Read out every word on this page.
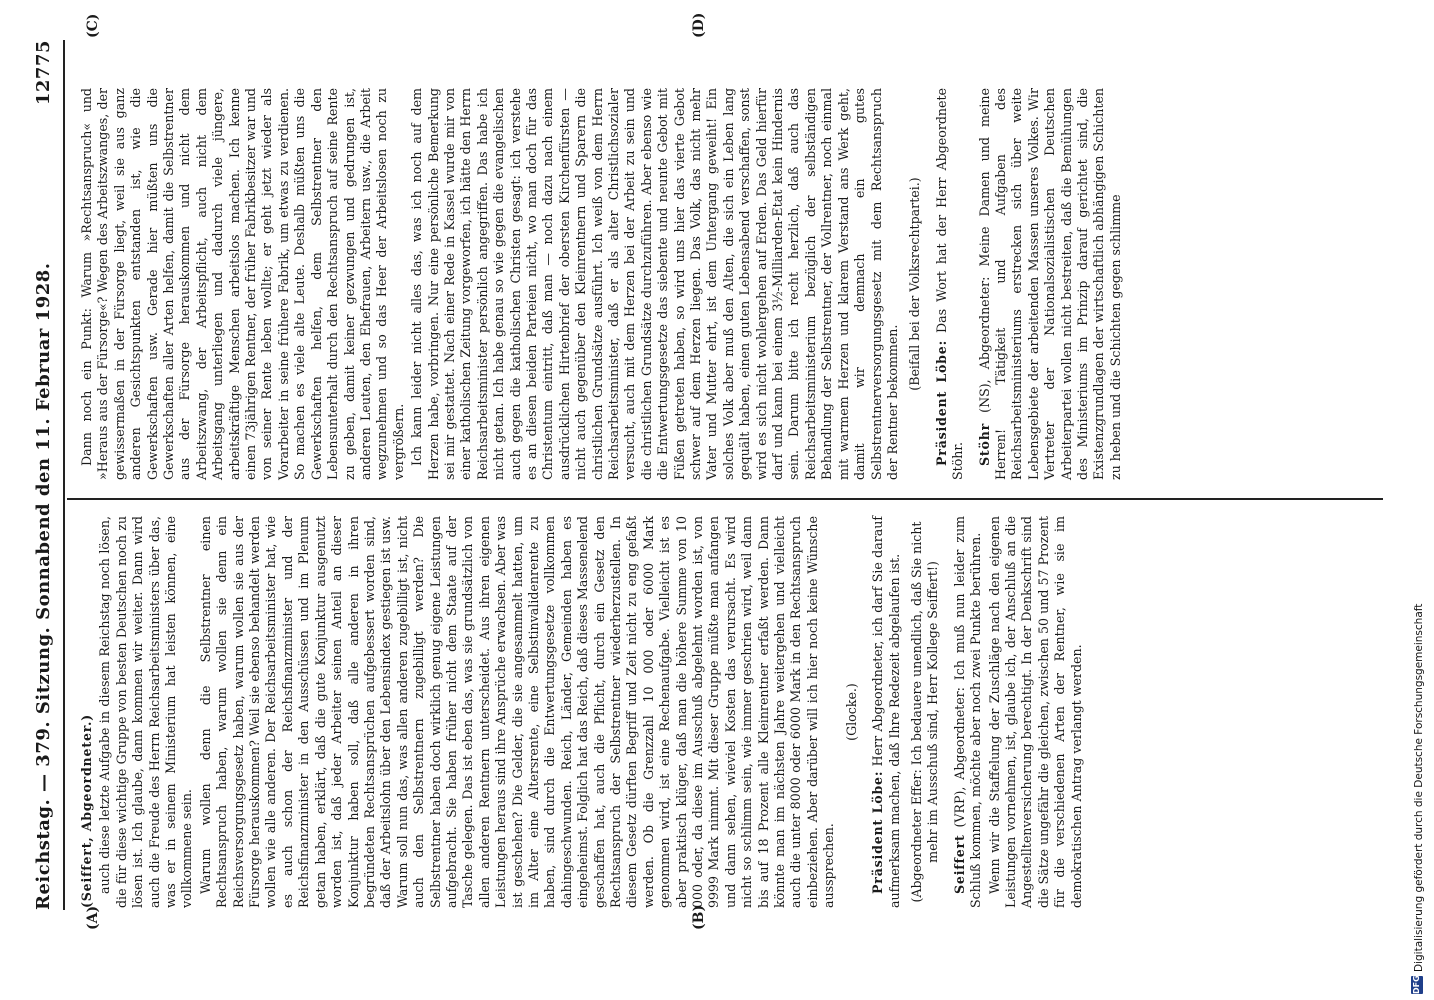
Reichstag. — 379. Sitzung. Sonnabend den 11. Februar 1928.
12775
(A)	(B)
(C)	(D)

(Seiffert, Abgeordneter.) auch diese letzte Aufgabe in diesem Reichstag noch lösen, die für diese wichtige Gruppe von besten Deutschen noch zu lösen ist. Ich glaube, dann kommen wir weiter. Dann wird auch die Freude des Herrn Reichsarbeitsministers über das, was er in seinem Ministerium hat leisten können, eine vollkommene sein. Warum wollen denn die Selbstrentner einen Rechtsanspruch haben, warum wollen sie denn ein Reichsversorgungsgesetz haben, warum wollen sie aus der Fürsorge herauskommen? Weil sie ebenso behandelt werden wollen wie alle anderen. Der Reichsarbeitsminister hat, wie es auch schon der Reichsfinanzminister und der Reichsfinanzminister in den Ausschüssen und im Plenum getan haben, erklärt, daß die gute Konjunktur ausgenutzt worden ist, daß jeder Arbeiter seinen Anteil an dieser Konjunktur haben soll, daß alle anderen in ihren begründeten Rechtsansprüchen aufgebessert worden sind, daß der Arbeitslohn über den Lebensindex gestiegen ist usw. Warum soll nun das, was allen anderen zugebilligt ist, nicht auch den Selbstrentnern zugebilligt werden? Die Selbstrentner haben doch wirklich genug eigene Leistungen aufgebracht. Sie haben früher nicht dem Staate auf der Tasche gelegen. Das ist eben das, was sie grundsätzlich von allen anderen Rentnern unterscheidet. Aus ihren eigenen Leistungen heraus sind ihre Ansprüche erwachsen. Aber was ist geschehen? Die Gelder, die sie angesammelt hatten, um im Alter eine Altersrente, eine Selbstinvalidenrente zu haben, sind durch die Entwertungsgesetze vollkommen dahingeschwunden. Reich, Länder, Gemeinden haben es eingeheimst. Folglich hat das Reich, daß dieses Massenelend geschaffen hat, auch die Pflicht, durch ein Gesetz den Rechtsanspruch der Selbstrentner wiederherzustellen. In diesem Gesetz dürften Begriff und Zeit nicht zu eng gefaßt werden. Ob die Grenzzahl 10 000 oder 6000 Mark genommen wird, ist eine Rechenaufgabe. Vielleicht ist es aber praktisch klüger, daß man die höhere Summe von 10 000 oder, da diese im Ausschuß abgelehnt worden ist, von 9999 Mark nimmt. Mit dieser Gruppe müßte man anfangen und dann sehen, wieviel Kosten das verursacht. Es wird nicht so schlimm sein, wie immer geschrien wird, weil dann bis auf 18 Prozent alle Kleinrentner erfaßt werden. Dann könnte man im nächsten Jahre weitergehen und vielleicht auch die unter 8000 oder 6000 Mark in den Rechtsanspruch einbeziehen. Aber darüber will ich hier noch keine Wünsche aussprechen.

(Glocke.)

Präsident Löbe: Herr Abgeordneter, ich darf Sie darauf aufmerksam machen, daß Ihre Redezeit abgelaufen ist. (Abgeordneter Effer: Ich bedauere unendlich, daß Sie nicht mehr im Ausschuß sind, Herr Kollege Seiffert!)

Seiffert (VRP), Abgeordneter: Ich muß nun leider zum Schluß kommen, möchte aber noch zwei Punkte berühren. Wenn wir die Staffelung der Zuschläge nach den eigenen Leistungen vornehmen, ist, glaube ich, der Anschluß an die Angestelltenversicherung berechtigt. In der Denkschrift sind die Sätze ungefähr die gleichen, zwischen 50 und 57 Prozent für die verschiedenen Arten der Rentner, wie sie im demokratischen Antrag verlangt werden.

Dann noch ein Punkt: Warum »Rechtsanspruch« und »Heraus aus der Fürsorge«? Wegen des Arbeitszwanges, der gewissermaßen in der Fürsorge liegt, weil sie aus ganz anderen Gesichtspunkten entstanden ist, wie die Gewerkschaften usw. Gerade hier müßten uns die Gewerkschaften aller Arten helfen, damit die Selbstrentner aus der Fürsorge herauskommen und nicht dem Arbeitszwang, der Arbeitspflicht, auch nicht dem Arbeitsgang unterliegen und dadurch viele jüngere, arbeitskräftige Menschen arbeitslos machen. Ich kenne einen 73jährigen Rentner, der früher Fabrikbesitzer war und von seiner Rente leben wollte; er geht jetzt wieder als Vorarbeiter in seine frühere Fabrik, um etwas zu verdienen. So machen es viele alte Leute. Deshalb müßten uns die Gewerkschaften helfen, dem Selbstrentner den Lebensunterhalt durch den Rechtsanspruch auf seine Rente zu geben, damit keiner gezwungen und gedrungen ist, anderen Leuten, den Ehefrauen, Arbeitern usw., die Arbeit wegzunehmen und so das Heer der Arbeitslosen noch zu vergrößern. Ich kann leider nicht alles das, was ich noch auf dem Herzen habe, vorbringen. Nur eine persönliche Bemerkung sei mir gestattet. Nach einer Rede in Kassel wurde mir von einer katholischen Zeitung vorgeworfen, ich hätte den Herrn Reichsarbeitsminister persönlich angegriffen. Das habe ich nicht getan. Ich habe genau so wie gegen die evangelischen auch gegen die katholischen Christen gesagt: ich verstehe es an diesen beiden Parteien nicht, wo man doch für das Christentum eintritt, daß man — noch dazu nach einem ausdrücklichen Hirtenbrief der obersten Kirchenfürsten — nicht auch gegenüber den Kleinrentnern und Sparern die christlichen Grundsätze ausführt. Ich weiß von dem Herrn Reichsarbeitsminister, daß er als alter Christlichsozialer versucht, auch mit dem Herzen bei der Arbeit zu sein und die christlichen Grundsätze durchzuführen. Aber ebenso wie die Entwertungsgesetze das siebente und neunte Gebot mit Füßen getreten haben, so wird uns hier das vierte Gebot schwer auf dem Herzen liegen. Das Volk, das nicht mehr Vater und Mutter ehrt, ist dem Untergang geweiht! Ein solches Volk aber muß den Alten, die sich ein Leben lang gequält haben, einen guten Lebensabend verschaffen, sonst wird es sich nicht wohlergehen auf Erden. Das Geld hierfür darf und kann bei einem 3½-Milliarden-Etat kein Hindernis sein. Darum bitte ich recht herzlich, daß auch das Reichsarbeitsministerium bezüglich der selbständigen Behandlung der Selbstrentner, der Vollrentner, noch einmal mit warmem Herzen und klarem Verstand ans Werk geht, damit wir demnach ein gutes Selbstrentnerversorgungsgesetz mit dem Rechtsanspruch der Rentner bekommen.

(Beifall bei der Volksrechtpartei.)

Präsident Löbe: Das Wort hat der Herr Abgeordnete Stöhr. Stöhr (NS), Abgeordneter: Meine Damen und meine Herren! Tätigkeit und Aufgaben des Reichsarbeitsministeriums erstrecken sich über weite Lebensgebiete der arbeitenden Massen unseres Volkes. Wir Vertreter der Nationalsozialistischen Deutschen Arbeiterpartei wollen nicht bestreiten, daß die Bemühungen des Ministeriums im Prinzip darauf gerichtet sind, die Existenzgrundlagen der wirtschaftlich abhängigen Schichten zu heben und die Schichten gegen schlimme

DFG
Digitalisierung gefördert durch die Deutsche Forschungsgemeinschaft
